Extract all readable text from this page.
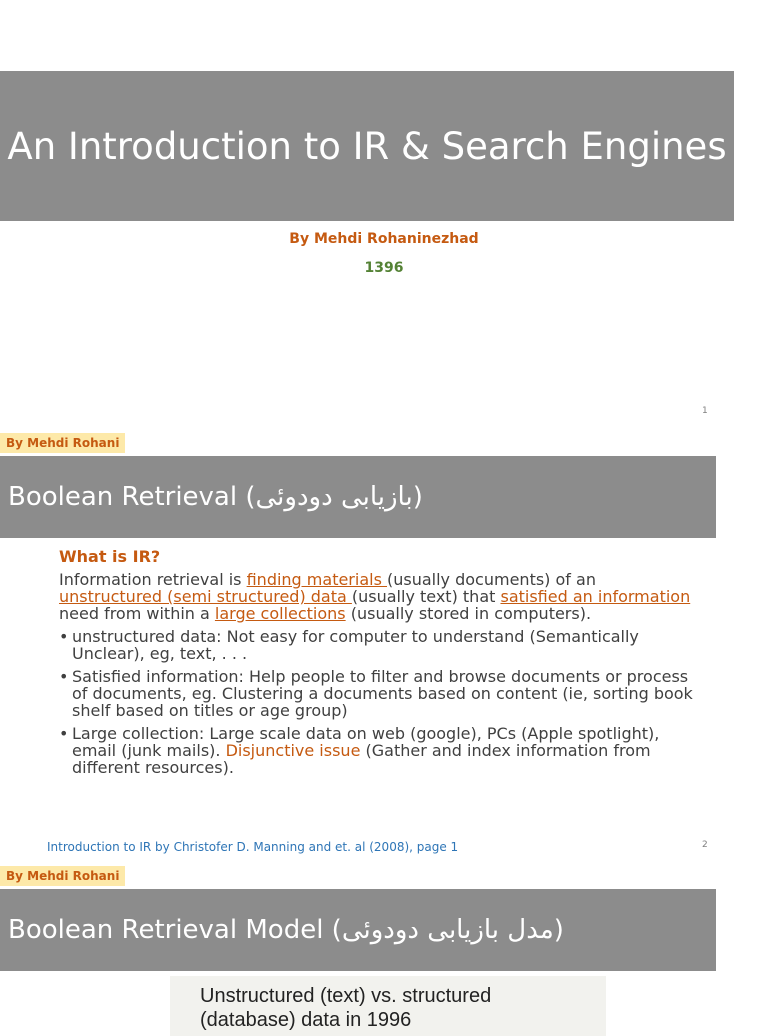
An Introduction to IR & Search Engines
By Mehdi Rohaninezhad
1396
1
By Mehdi Rohani
Boolean Retrieval (بازیابی دودوئی)
What is IR?
Information retrieval is finding materials (usually documents) of an unstructured (semi structured) data (usually text) that satisfied an information need from within a large collections (usually stored in computers).
• unstructured data: Not easy for computer to understand (Semantically Unclear), eg, text, . . .
• Satisfied information: Help people to filter and browse documents or process of documents, eg. Clustering a documents based on content (ie, sorting book shelf based on titles or age group)
• Large collection: Large scale data on web (google), PCs (Apple spotlight), email (junk mails). Disjunctive issue (Gather and index information from different resources).
Introduction to IR by Christofer D. Manning and et. al (2008), page 1	2
By Mehdi Rohani
Boolean Retrieval Model (مدل بازیابی دودوئی)
Unstructured (text) vs. structured (database) data in 1996
